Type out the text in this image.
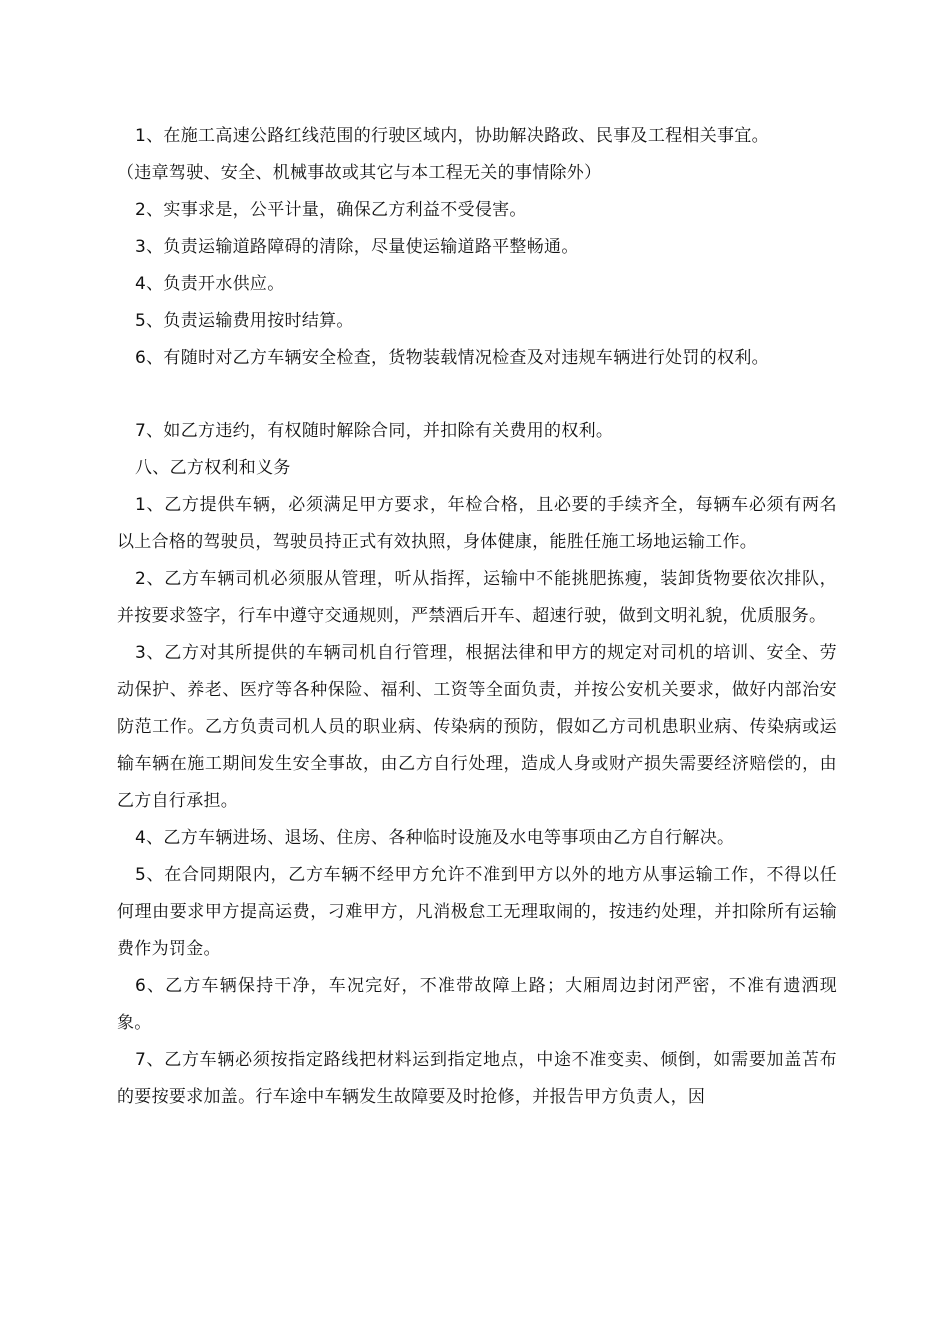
1、在施工高速公路红线范围的行驶区域内，协助解决路政、民事及工程相关事宜。

（违章驾驶、安全、机械事故或其它与本工程无关的事情除外）

2、实事求是，公平计量，确保乙方利益不受侵害。

3、负责运输道路障碍的清除，尽量使运输道路平整畅通。

4、负责开水供应。

5、负责运输费用按时结算。

6、有随时对乙方车辆安全检查，货物装载情况检查及对违规车辆进行处罚的权利。

7、如乙方违约，有权随时解除合同，并扣除有关费用的权利。

八、乙方权利和义务

1、乙方提供车辆，必须满足甲方要求，年检合格，且必要的手续齐全，每辆车必须有两名以上合格的驾驶员，驾驶员持正式有效执照，身体健康，能胜任施工场地运输工作。

2、乙方车辆司机必须服从管理，听从指挥，运输中不能挑肥拣瘦，装卸货物要依次排队，并按要求签字，行车中遵守交通规则，严禁酒后开车、超速行驶，做到文明礼貌，优质服务。

3、乙方对其所提供的车辆司机自行管理，根据法律和甲方的规定对司机的培训、安全、劳动保护、养老、医疗等各种保险、福利、工资等全面负责，并按公安机关要求，做好内部治安防范工作。乙方负责司机人员的职业病、传染病的预防，假如乙方司机患职业病、传染病或运输车辆在施工期间发生安全事故，由乙方自行处理，造成人身或财产损失需要经济赔偿的，由乙方自行承担。

4、乙方车辆进场、退场、住房、各种临时设施及水电等事项由乙方自行解决。

5、在合同期限内，乙方车辆不经甲方允许不准到甲方以外的地方从事运输工作，不得以任何理由要求甲方提高运费，刁难甲方，凡消极怠工无理取闹的，按违约处理，并扣除所有运输费作为罚金。

6、乙方车辆保持干净，车况完好，不准带故障上路；大厢周边封闭严密，不准有遗洒现象。

7、乙方车辆必须按指定路线把材料运到指定地点，中途不准变卖、倾倒，如需要加盖苫布的要按要求加盖。行车途中车辆发生故障要及时抢修，并报告甲方负责人，因
